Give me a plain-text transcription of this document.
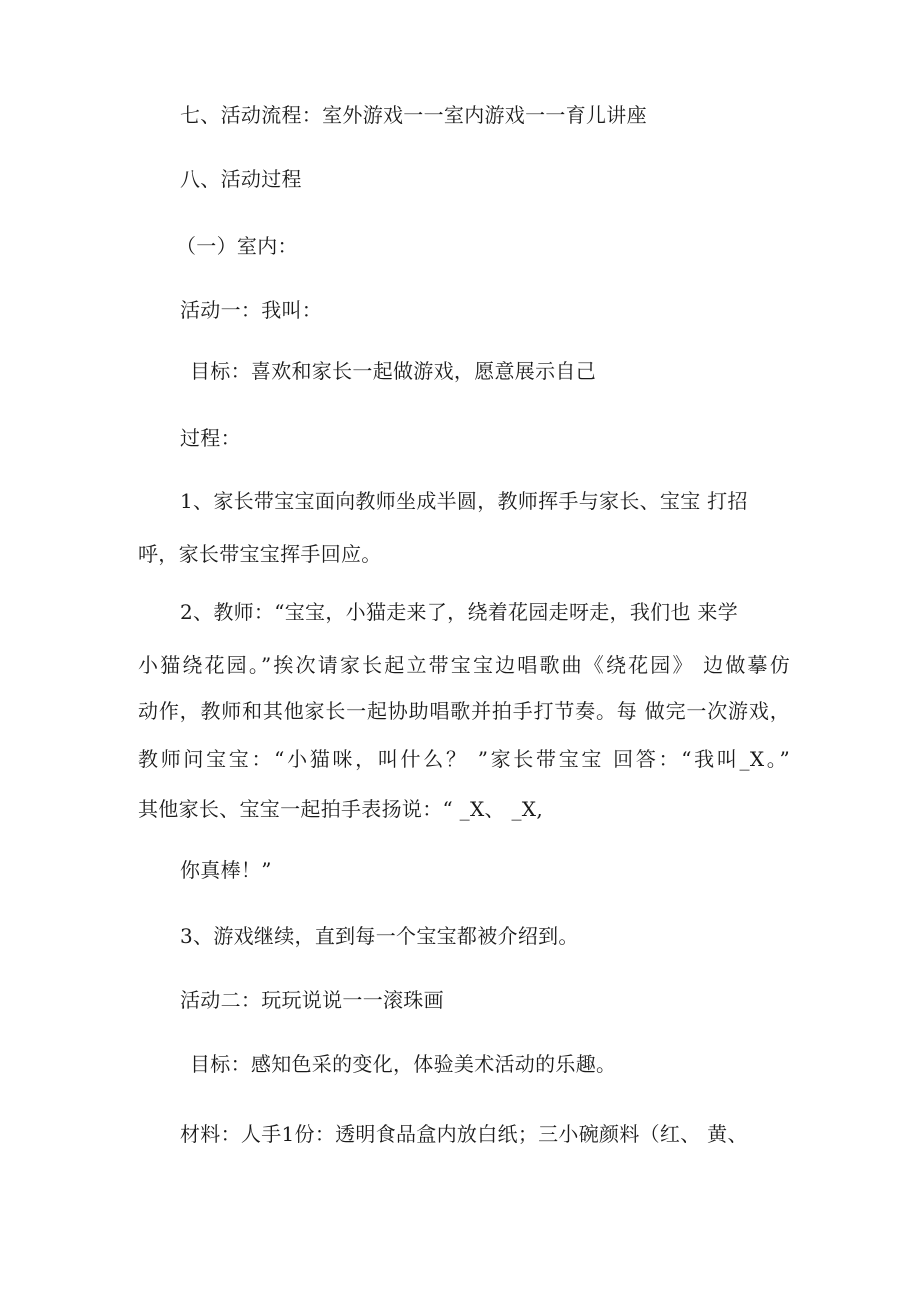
七、活动流程：室外游戏一一室内游戏一一育儿讲座
八、活动过程
（一）室内：
活动一：我叫：
目标：喜欢和家长一起做游戏，愿意展示自己
过程：
1、家长带宝宝面向教师坐成半圆，教师挥手与家长、宝宝 打招
呼，家长带宝宝挥手回应。
2、教师：“宝宝，小猫走来了，绕着花园走呀走，我们也 来学
小猫绕花园。”挨次请家长起立带宝宝边唱歌曲《绕花园》 边做摹仿
动作，教师和其他家长一起协助唱歌并拍手打节奏。每 做完一次游戏，
教师问宝宝：“小猫咪，叫什么？ ”家长带宝宝 回答：“我叫_X。”
其他家长、宝宝一起拍手表扬说：“ _X、 _X,
你真棒！”
3、游戏继续，直到每一个宝宝都被介绍到。
活动二：玩玩说说一一滚珠画
目标：感知色采的变化，体验美术活动的乐趣。
材料：人手1份：透明食品盒内放白纸；三小碗颜料（红、 黄、
